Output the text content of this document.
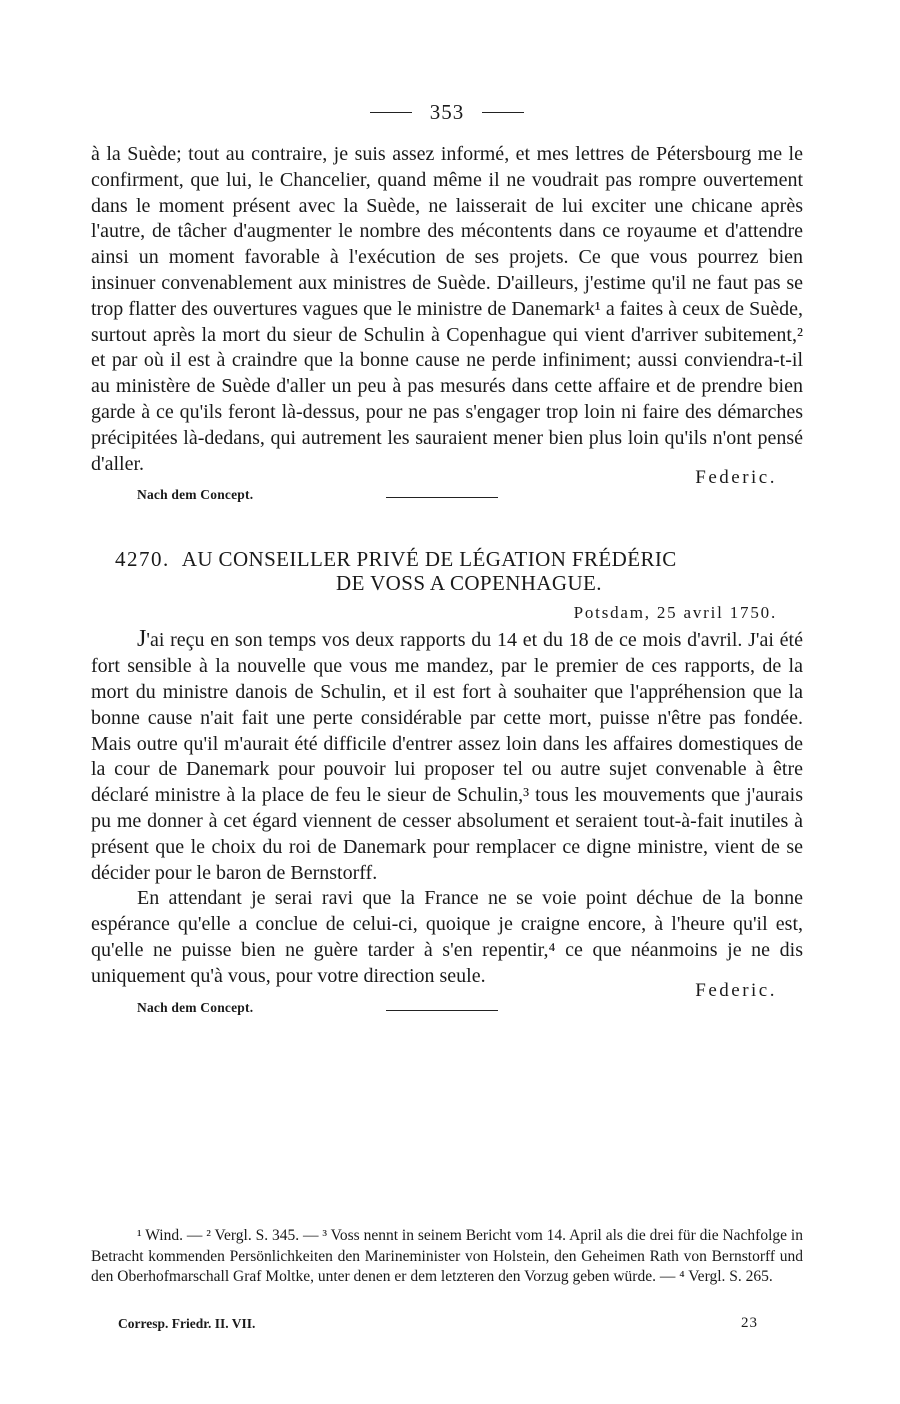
353

à la Suède; tout au contraire, je suis assez informé, et mes lettres de Pétersbourg me le confirment, que lui, le Chancelier, quand même il ne voudrait pas rompre ouvertement dans le moment présent avec la Suède, ne laisserait de lui exciter une chicane après l'autre, de tâcher d'augmenter le nombre des mécontents dans ce royaume et d'attendre ainsi un moment favorable à l'exécution de ses projets. Ce que vous pourrez bien insinuer convenablement aux ministres de Suède. D'ailleurs, j'estime qu'il ne faut pas se trop flatter des ouvertures vagues que le ministre de Danemark¹ a faites à ceux de Suède, surtout après la mort du sieur de Schulin à Copenhague qui vient d'arriver subitement,² et par où il est à craindre que la bonne cause ne perde infiniment; aussi conviendra-t-il au ministère de Suède d'aller un peu à pas mesurés dans cette affaire et de prendre bien garde à ce qu'ils feront là-dessus, pour ne pas s'engager trop loin ni faire des démarches précipitées là-dedans, qui autrement les sauraient mener bien plus loin qu'ils n'ont pensé d'aller.

Federic.
Nach dem Concept.
4270. AU CONSEILLER PRIVÉ DE LÉGATION FRÉDÉRIC
DE VOSS A COPENHAGUE.
Potsdam, 25 avril 1750.

J'ai reçu en son temps vos deux rapports du 14 et du 18 de ce mois d'avril. J'ai été fort sensible à la nouvelle que vous me mandez, par le premier de ces rapports, de la mort du ministre danois de Schulin, et il est fort à souhaiter que l'appréhension que la bonne cause n'ait fait une perte considérable par cette mort, puisse n'être pas fondée. Mais outre qu'il m'aurait été difficile d'entrer assez loin dans les affaires domestiques de la cour de Danemark pour pouvoir lui proposer tel ou autre sujet convenable à être déclaré ministre à la place de feu le sieur de Schulin,³ tous les mouvements que j'aurais pu me donner à cet égard viennent de cesser absolument et seraient tout-à-fait inutiles à présent que le choix du roi de Danemark pour remplacer ce digne ministre, vient de se décider pour le baron de Bernstorff.

En attendant je serai ravi que la France ne se voie point déchue de la bonne espérance qu'elle a conclue de celui-ci, quoique je craigne encore, à l'heure qu'il est, qu'elle ne puisse bien ne guère tarder à s'en repentir,⁴ ce que néanmoins je ne dis uniquement qu'à vous, pour votre direction seule.

Federic.
Nach dem Concept.

¹ Wind. — ² Vergl. S. 345. — ³ Voss nennt in seinem Bericht vom 14. April als die drei für die Nachfolge in Betracht kommenden Persönlichkeiten den Marineminister von Holstein, den Geheimen Rath von Bernstorff und den Oberhofmarschall Graf Moltke, unter denen er dem letzteren den Vorzug geben würde. — ⁴ Vergl. S. 265.

Corresp. Friedr. II. VII.	23
